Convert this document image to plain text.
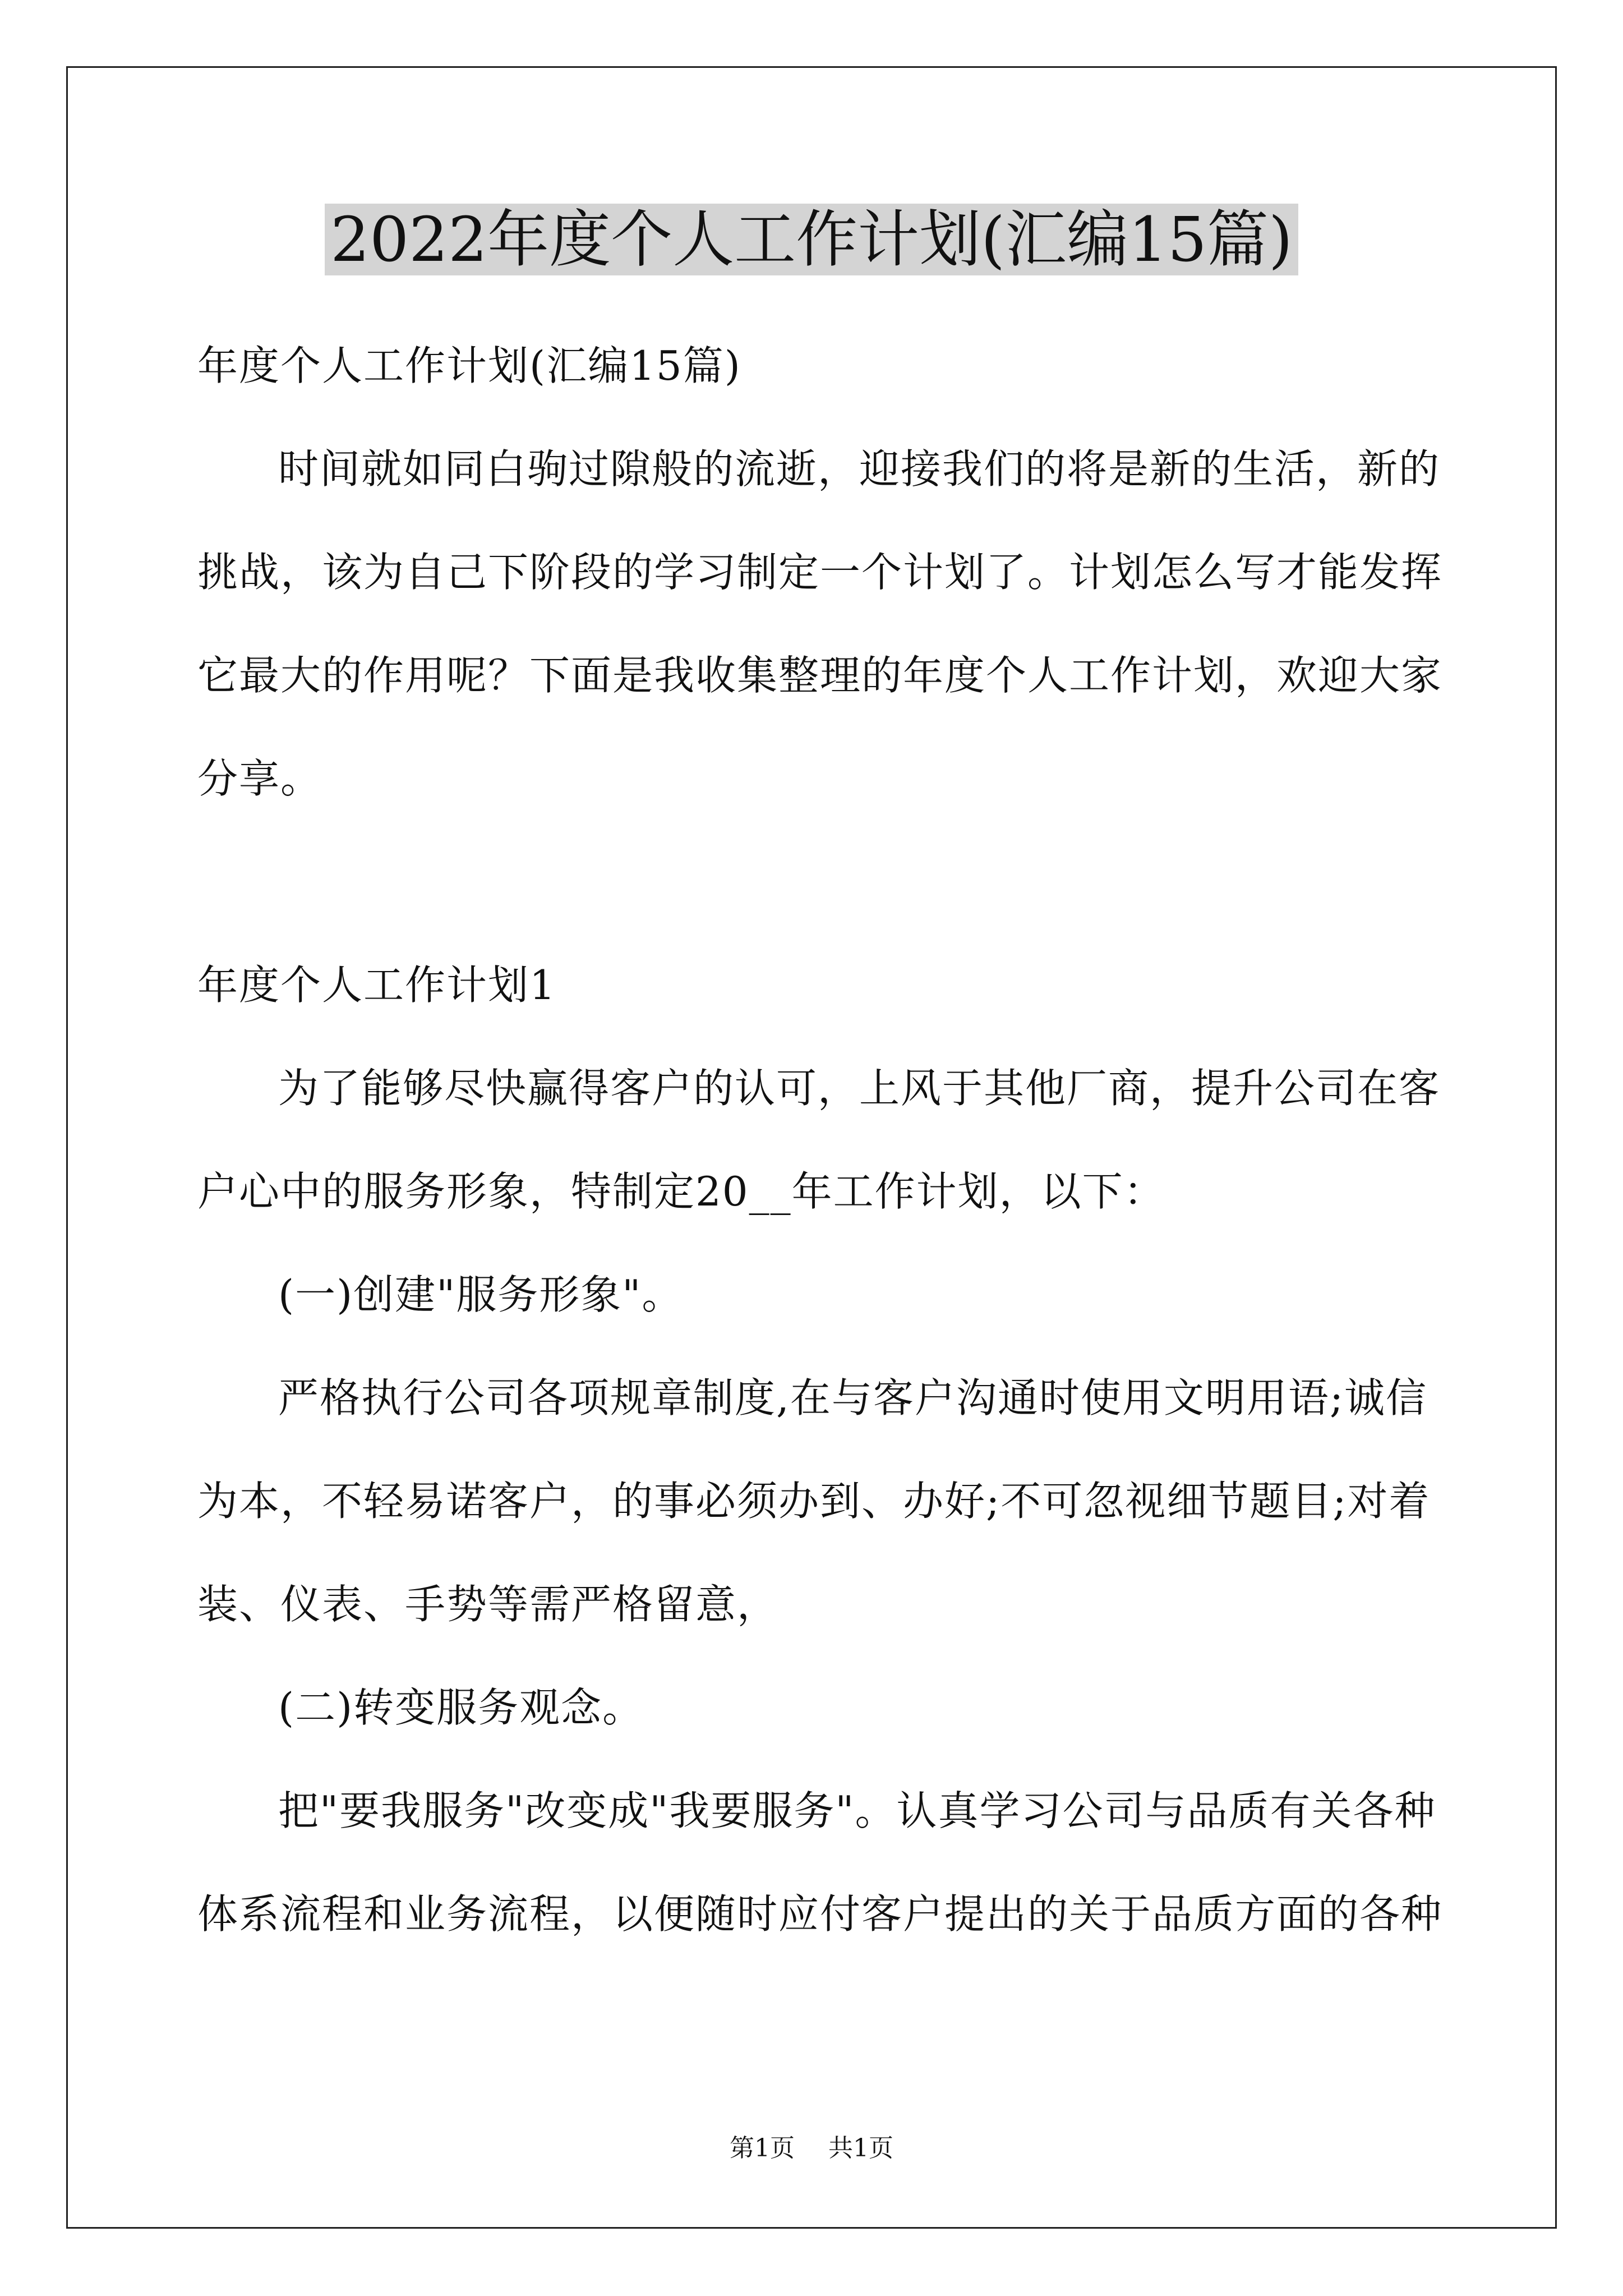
2022年度个人工作计划(汇编15篇)

年度个人工作计划(汇编15篇)

时间就如同白驹过隙般的流逝，迎接我们的将是新的生活，新的

挑战，该为自己下阶段的学习制定一个计划了。计划怎么写才能发挥

它最大的作用呢？下面是我收集整理的年度个人工作计划，欢迎大家

分享。

年度个人工作计划1

为了能够尽快赢得客户的认可，上风于其他厂商，提升公司在客

户心中的服务形象，特制定20__年工作计划，以下：

(一)创建"服务形象"。

严格执行公司各项规章制度,在与客户沟通时使用文明用语;诚信

为本，不轻易诺客户，的事必须办到、办好;不可忽视细节题目;对着

装、仪表、手势等需严格留意，

(二)转变服务观念。

把"要我服务"改变成"我要服务"。认真学习公司与品质有关各种

体系流程和业务流程，以便随时应付客户提出的关于品质方面的各种

第1页 共1页
